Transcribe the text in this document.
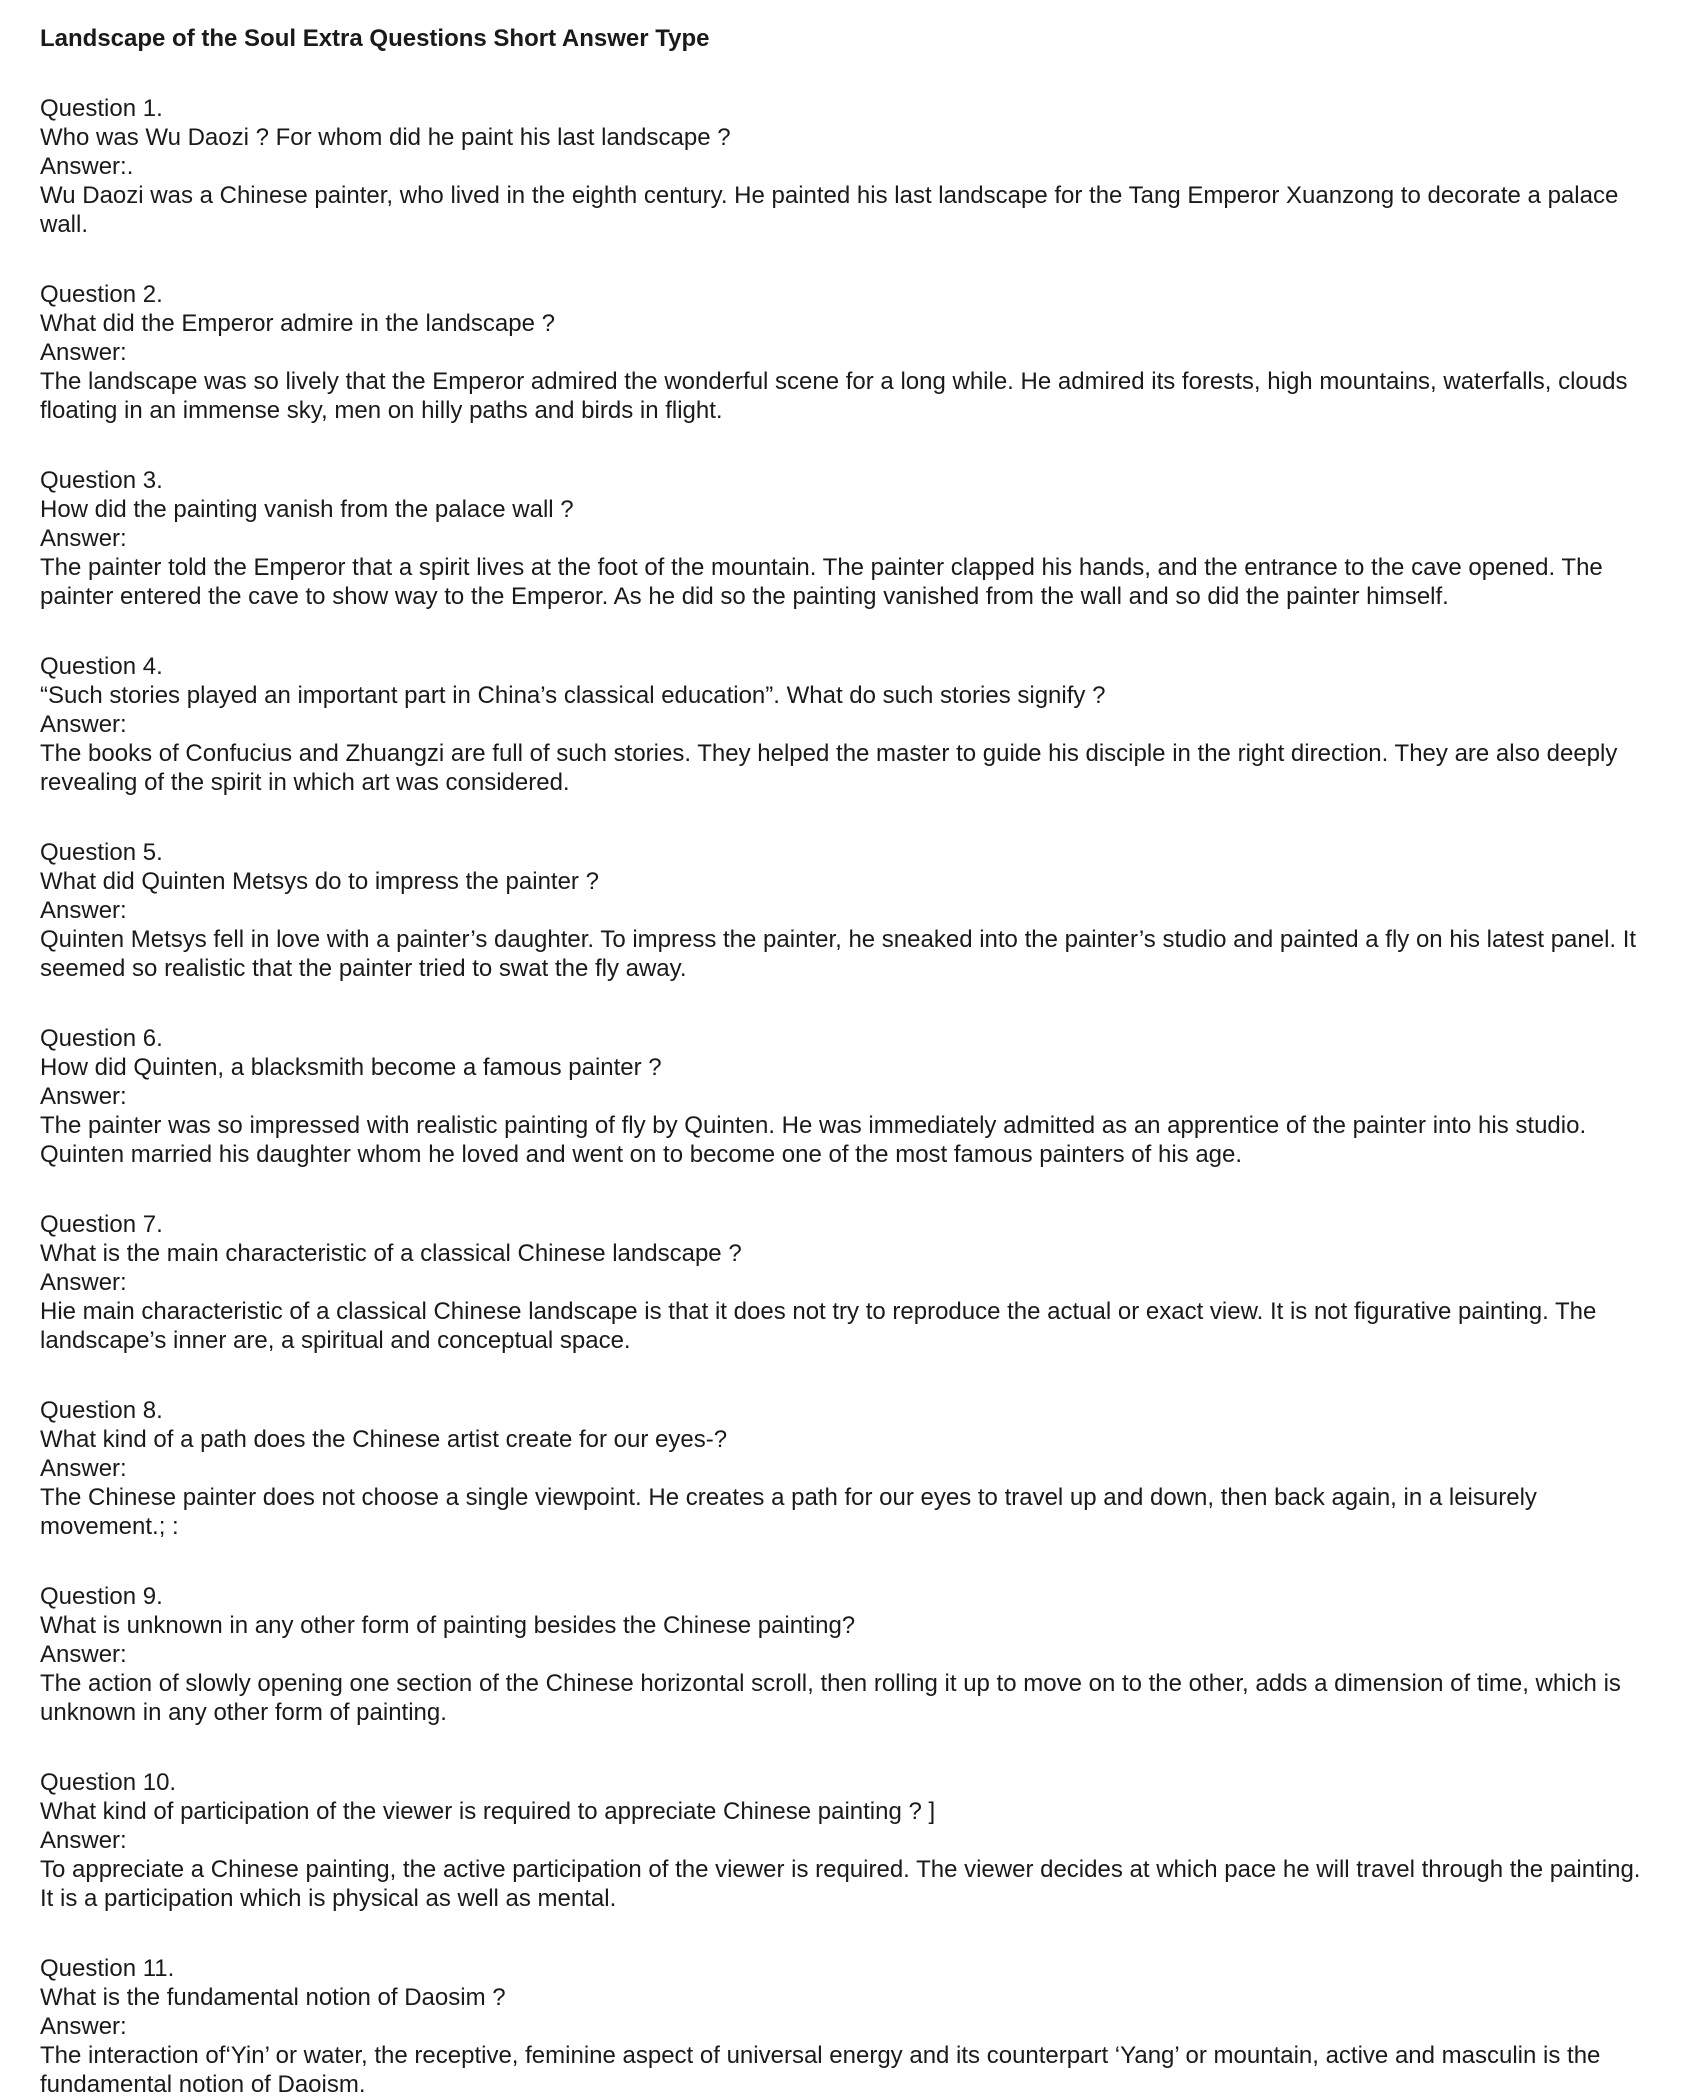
Landscape of the Soul Extra Questions Short Answer Type
Question 1.
Who was Wu Daozi ? For whom did he paint his last landscape ?
Answer:.
Wu Daozi was a Chinese painter, who lived in the eighth century. He painted his last landscape for the Tang Emperor Xuanzong to decorate a palace wall.
Question 2.
What did the Emperor admire in the landscape ?
Answer:
The landscape was so lively that the Emperor admired the wonderful scene for a long while. He admired its forests, high mountains, waterfalls, clouds floating in an immense sky, men on hilly paths and birds in flight.
Question 3.
How did the painting vanish from the palace wall ?
Answer:
The painter told the Emperor that a spirit lives at the foot of the mountain. The painter clapped his hands, and the entrance to the cave opened. The painter entered the cave to show way to the Emperor. As he did so the painting vanished from the wall and so did the painter himself.
Question 4.
“Such stories played an important part in China’s classical education”. What do such stories signify ?
Answer:
The books of Confucius and Zhuangzi are full of such stories. They helped the master to guide his disciple in the right direction. They are also deeply revealing of the spirit in which art was considered.
Question 5.
What did Quinten Metsys do to impress the painter ?
Answer:
Quinten Metsys fell in love with a painter’s daughter. To impress the painter, he sneaked into the painter’s studio and painted a fly on his latest panel. It seemed so realistic that the painter tried to swat the fly away.
Question 6.
How did Quinten, a blacksmith become a famous painter ?
Answer:
The painter was so impressed with realistic painting of fly by Quinten. He was immediately admitted as an apprentice of the painter into his studio. Quinten married his daughter whom he loved and went on to become one of the most famous painters of his age.
Question 7.
What is the main characteristic of a classical Chinese landscape ?
Answer:
Hie main characteristic of a classical Chinese landscape is that it does not try to reproduce the actual or exact view. It is not figurative painting. The landscape’s inner are, a spiritual and conceptual space.
Question 8.
What kind of a path does the Chinese artist create for our eyes-?
Answer:
The Chinese painter does not choose a single viewpoint. He creates a path for our eyes to travel up and down, then back again, in a leisurely movement.; :
Question 9.
What is unknown in any other form of painting besides the Chinese painting?
Answer:
The action of slowly opening one section of the Chinese horizontal scroll, then rolling it up to move on to the other, adds a dimension of time, which is unknown in any other form of painting.
Question 10.
What kind of participation of the viewer is required to appreciate Chinese painting ? ]
Answer:
To appreciate a Chinese painting, the active participation of the viewer is required. The viewer decides at which pace he will travel through the painting. It is a participation which is physical as well as mental.
Question 11.
What is the fundamental notion of Daosim ?
Answer:
The interaction of‘Yin’ or water, the receptive, feminine aspect of universal energy and its counterpart ‘Yang’ or mountain, active and masculin is the fundamental notion of Daoism.
